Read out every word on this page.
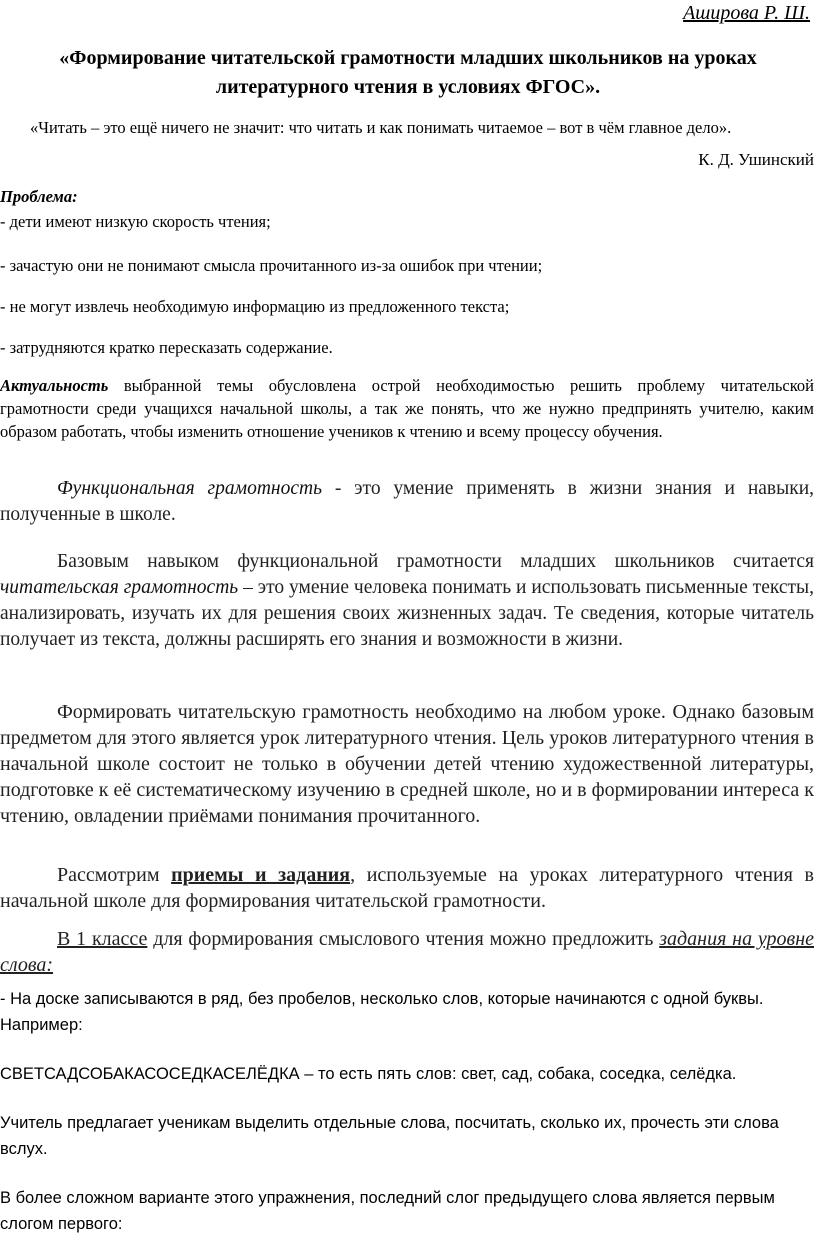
Аширова Р. Ш.
«Формирование читательской грамотности младших школьников на уроках
литературного чтения в условиях ФГОС».
«Читать – это ещё ничего не значит: что читать и как понимать читаемое – вот в чём главное дело».
К. Д. Ушинский
Проблема:
- дети имеют низкую скорость чтения;
- зачастую они не понимают смысла прочитанного из-за ошибок при чтении;
- не могут извлечь необходимую информацию из предложенного текста;
- затрудняются кратко пересказать содержание.

Актуальность выбранной темы обусловлена острой необходимостью решить проблему читательской грамотности среди учащихся начальной школы, а так же понять, что же нужно предпринять учителю, каким образом работать, чтобы изменить отношение учеников к чтению и всему процессу обучения.

Функциональная грамотность - это умение применять в жизни знания и навыки, полученные в школе.

Базовым навыком функциональной грамотности младших школьников считается читательская грамотность – это умение человека понимать и использовать письменные тексты, анализировать, изучать их для решения своих жизненных задач. Те сведения, которые читатель получает из текста, должны расширять его знания и возможности в жизни.

Формировать читательскую грамотность необходимо на любом уроке. Однако базовым предметом для этого является урок литературного чтения. Цель уроков литературного чтения в начальной школе состоит не только в обучении детей чтению художественной литературы, подготовке к её систематическому изучению в средней школе, но и в формировании интереса к чтению, овладении приёмами понимания прочитанного.

Рассмотрим приемы и задания, используемые на уроках литературного чтения в начальной школе для формирования читательской грамотности.

В 1 классе для формирования смыслового чтения можно предложить задания на уровне слова:

- На доске записываются в ряд, без пробелов, несколько слов, которые начинаются с одной буквы. Например:

СВЕТСАДСОБАКАСОСЕДКАСЕЛЁДКА – то есть пять слов: свет, сад, собака, соседка, селёдка.

Учитель предлагает ученикам выделить отдельные слова, посчитать, сколько их, прочесть эти слова вслух.

В более сложном варианте этого упражнения, последний слог предыдущего слова является первым слогом первого:
